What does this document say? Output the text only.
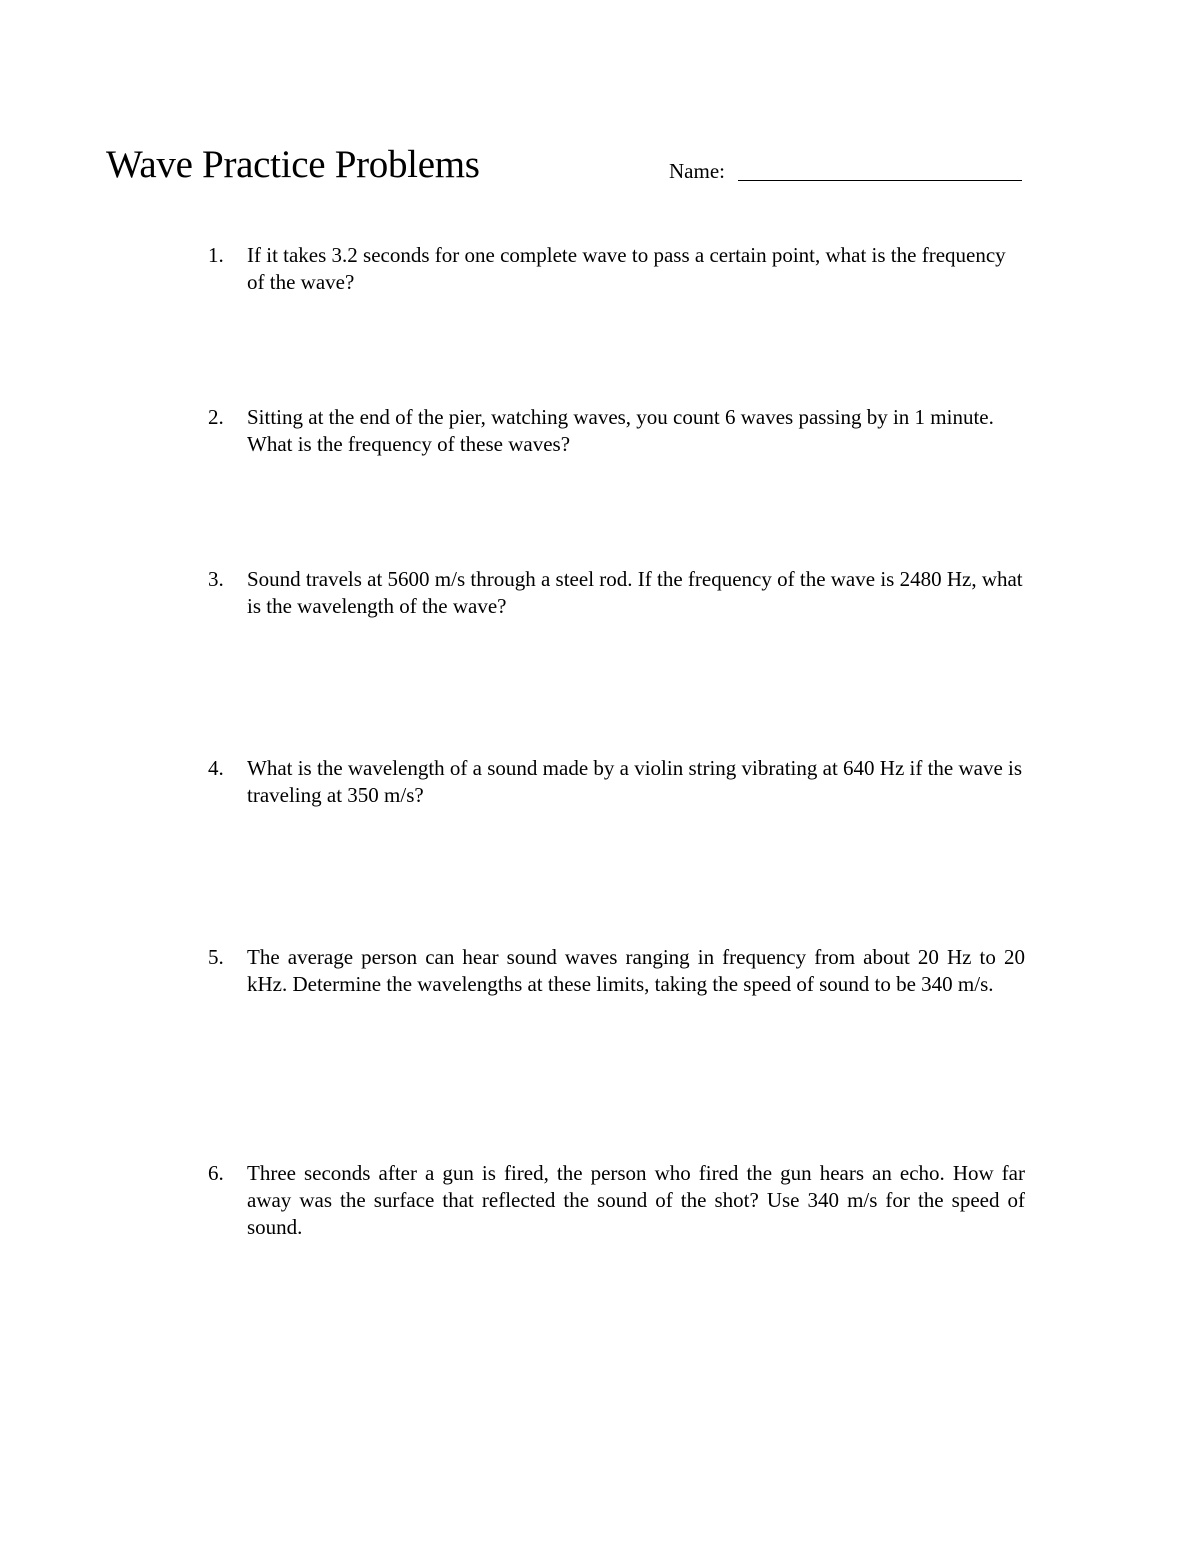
Wave Practice Problems	Name:
1.	If it takes 3.2 seconds for one complete wave to pass a certain point, what is the frequency of the wave?
2.	Sitting at the end of the pier, watching waves, you count 6 waves passing by in 1 minute. What is the frequency of these waves?
3.	Sound travels at 5600 m/s through a steel rod. If the frequency of the wave is 2480 Hz, what is the wavelength of the wave?
4.	What is the wavelength of a sound made by a violin string vibrating at 640 Hz if the wave is traveling at 350 m/s?
5.	The average person can hear sound waves ranging in frequency from about 20 Hz to 20 kHz. Determine the wavelengths at these limits, taking the speed of sound to be 340 m/s.
6.	Three seconds after a gun is fired, the person who fired the gun hears an echo. How far away was the surface that reflected the sound of the shot? Use 340 m/s for the speed of sound.
